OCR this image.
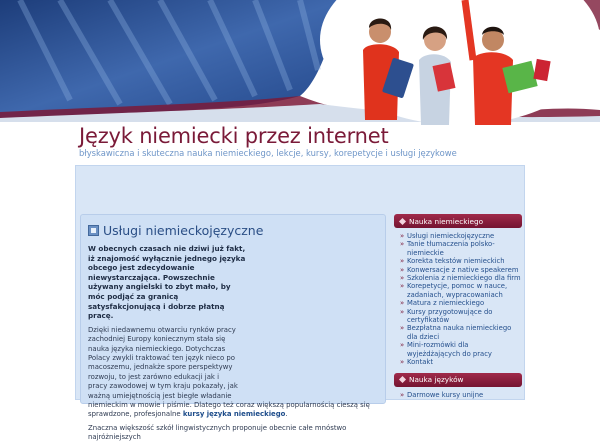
Język niemiecki przez internet
błyskawiczna i skuteczna nauka niemieckiego, lekcje, kursy, korepetycje i usługi językowe
Usługi niemieckojęzyczne

W obecnych czasach nie dziwi już fakt, iż znajomość wyłącznie jednego języka obcego jest zdecydowanie niewystarczająca. Powszechnie używany angielski to zbyt mało, by móc podjąć za granicą satysfakcjonującą i dobrze płatną pracę.

Dzięki niedawnemu otwarciu rynków pracy zachodniej Europy koniecznym stała się nauka języka niemieckiego. Dotychczas Polacy zwykli traktować ten język nieco po macoszemu, jednakże spore perspektywy rozwoju, to jest zarówno edukacji jak i pracy zawodowej w tym kraju pokazały, jak ważną umiejętnością jest biegłe władanie

niemieckim w mowie i piśmie. Dlatego też coraz większą popularnością cieszą się sprawdzone, profesjonalne kursy języka niemieckiego.

Znaczna większość szkół lingwistycznych proponuje obecnie całe mnóstwo najróżniejszych

Nauka niemieckiego
» Usługi niemieckojęzyczne
» Tanie tłumaczenia polsko-niemieckie
» Korekta tekstów niemieckich
» Konwersacje z native speakerem
» Szkolenia z niemieckiego dla firm
» Korepetycje, pomoc w nauce, zadaniach, wypracowaniach
» Matura z niemieckiego
» Kursy przygotowujące do certyfikatów
» Bezpłatna nauka niemieckiego dla dzieci
» Mini-rozmówki dla wyjeżdżających do pracy
» Kontakt
Nauka języków
» Darmowe kursy unijne
